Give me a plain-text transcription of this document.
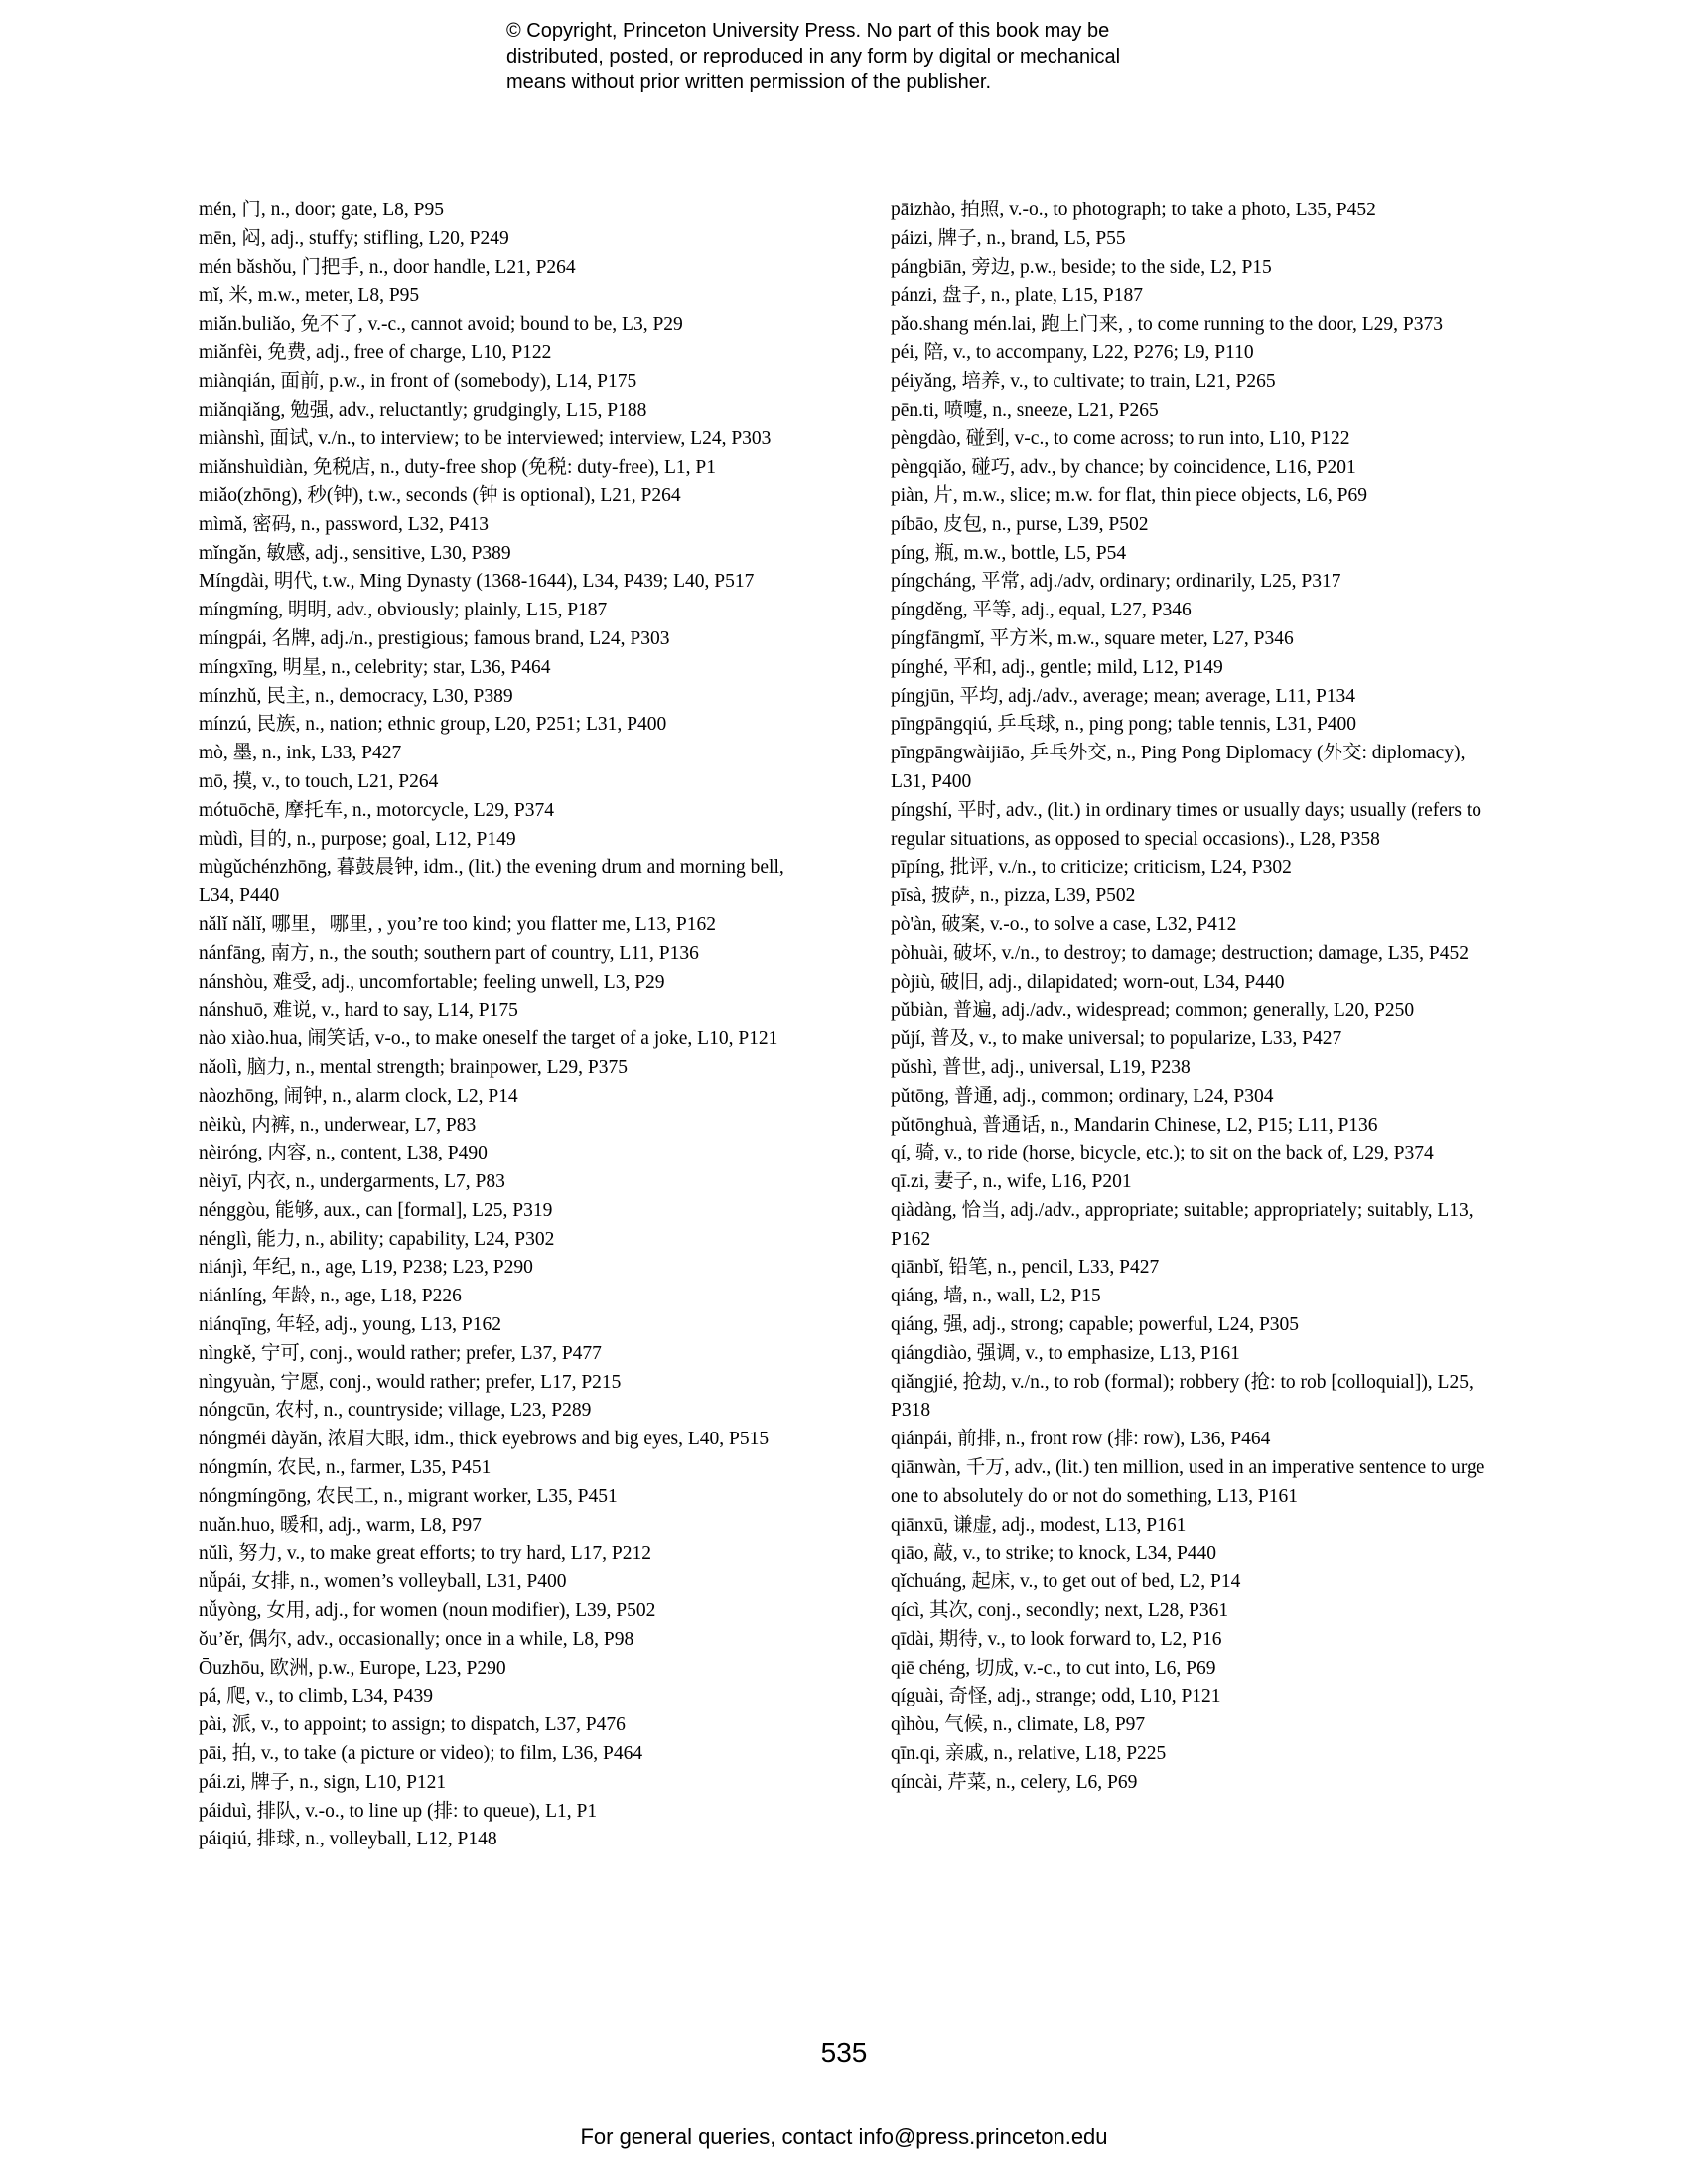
© Copyright, Princeton University Press. No part of this book may be
distributed, posted, or reproduced in any form by digital or mechanical
means without prior written permission of the publisher.

mén, 门, n., door; gate, L8, P95

mēn, 闷, adj., stuffy; stifling, L20, P249

mén bǎshǒu, 门把手, n., door handle, L21, P264

mǐ, 米, m.w., meter, L8, P95

miǎn.buliǎo, 免不了, v.-c., cannot avoid; bound to be, L3, P29

miǎnfèi, 免费, adj., free of charge, L10, P122

miànqián, 面前, p.w., in front of (somebody), L14, P175

miǎnqiǎng, 勉强, adv., reluctantly; grudgingly, L15, P188

miànshì, 面试, v./n., to interview; to be interviewed; interview, L24, P303

miǎnshuìdiàn, 免税店, n., duty-free shop (免税: duty-free), L1, P1

miǎo(zhōng), 秒(钟), t.w., seconds (钟 is optional), L21, P264

mìmǎ, 密码, n., password, L32, P413

mǐngǎn, 敏感, adj., sensitive, L30, P389

Míngdài, 明代, t.w., Ming Dynasty (1368-1644), L34, P439; L40, P517

míngmíng, 明明, adv., obviously; plainly, L15, P187

míngpái, 名牌, adj./n., prestigious; famous brand, L24, P303

míngxīng, 明星, n., celebrity; star, L36, P464

mínzhǔ, 民主, n., democracy, L30, P389

mínzú, 民族, n., nation; ethnic group, L20, P251; L31, P400

mò, 墨, n., ink, L33, P427

mō, 摸, v., to touch, L21, P264

mótuōchē, 摩托车, n., motorcycle, L29, P374

mùdì, 目的, n., purpose; goal, L12, P149

mùgǔchénzhōng, 暮鼓晨钟, idm., (lit.) the evening drum and morning bell, L34, P440

nǎlǐ nǎlǐ, 哪里，哪里, , you’re too kind; you flatter me, L13, P162

nánfāng, 南方, n., the south; southern part of country, L11, P136

nánshòu, 难受, adj., uncomfortable; feeling unwell, L3, P29

nánshuō, 难说, v., hard to say, L14, P175

nào xiào.hua, 闹笑话, v-o., to make oneself the target of a joke, L10, P121

nǎolì, 脑力, n., mental strength; brainpower, L29, P375

nàozhōng, 闹钟, n., alarm clock, L2, P14

nèikù, 内裤, n., underwear, L7, P83

nèiróng, 内容, n., content, L38, P490

nèiyī, 内衣, n., undergarments, L7, P83

nénggòu, 能够, aux., can [formal], L25, P319

nénglì, 能力, n., ability; capability, L24, P302

niánjì, 年纪, n., age, L19, P238; L23, P290

niánlíng, 年龄, n., age, L18, P226

niánqīng, 年轻, adj., young, L13, P162

nìngkě, 宁可, conj., would rather; prefer, L37, P477

nìngyuàn, 宁愿, conj., would rather; prefer, L17, P215

nóngcūn, 农村, n., countryside; village, L23, P289

nóngméi dàyǎn, 浓眉大眼, idm., thick eyebrows and big eyes, L40, P515

nóngmín, 农民, n., farmer, L35, P451

nóngmíngōng, 农民工, n., migrant worker, L35, P451

nuǎn.huo, 暖和, adj., warm, L8, P97

nǔlì, 努力, v., to make great efforts; to try hard, L17, P212

nǚpái, 女排, n., women’s volleyball, L31, P400

nǚyòng, 女用, adj., for women (noun modifier), L39, P502

ǒu’ěr, 偶尔, adv., occasionally; once in a while, L8, P98

Ōuzhōu, 欧洲, p.w., Europe, L23, P290

pá, 爬, v., to climb, L34, P439

pài, 派, v., to appoint; to assign; to dispatch, L37, P476

pāi, 拍, v., to take (a picture or video); to film, L36, P464

pái.zi, 牌子, n., sign, L10, P121

páiduì, 排队, v.-o., to line up (排: to queue), L1, P1

páiqiú, 排球, n., volleyball, L12, P148

pāizhào, 拍照, v.-o., to photograph; to take a photo, L35, P452

páizi, 牌子, n., brand, L5, P55

pángbiān, 旁边, p.w., beside; to the side, L2, P15

pánzi, 盘子, n., plate, L15, P187

pǎo.shang mén.lai, 跑上门来, , to come running to the door, L29, P373

péi, 陪, v., to accompany, L22, P276; L9, P110

péiyǎng, 培养, v., to cultivate; to train, L21, P265

pēn.ti, 喷嚏, n., sneeze, L21, P265

pèngdào, 碰到, v-c., to come across; to run into, L10, P122

pèngqiǎo, 碰巧, adv., by chance; by coincidence, L16, P201

piàn, 片, m.w., slice; m.w. for flat, thin piece objects, L6, P69

píbāo, 皮包, n., purse, L39, P502

píng, 瓶, m.w., bottle, L5, P54

píngcháng, 平常, adj./adv, ordinary; ordinarily, L25, P317

píngděng, 平等, adj., equal, L27, P346

píngfāngmǐ, 平方米, m.w., square meter, L27, P346

pínghé, 平和, adj., gentle; mild, L12, P149

píngjūn, 平均, adj./adv., average; mean; average, L11, P134

pīngpāngqiú, 乒乓球, n., ping pong; table tennis, L31, P400

pīngpāngwàijiāo, 乒乓外交, n., Ping Pong Diplomacy (外交: diplomacy), L31, P400

píngshí, 平时, adv., (lit.) in ordinary times or usually days; usually (refers to regular situations, as opposed to special occasions)., L28, P358

pīpíng, 批评, v./n., to criticize; criticism, L24, P302

pīsà, 披萨, n., pizza, L39, P502

pò'àn, 破案, v.-o., to solve a case, L32, P412

pòhuài, 破坏, v./n., to destroy; to damage; destruction; damage, L35, P452

pòjiù, 破旧, adj., dilapidated; worn-out, L34, P440

pǔbiàn, 普遍, adj./adv., widespread; common; generally, L20, P250

pǔjí, 普及, v., to make universal; to popularize, L33, P427

pǔshì, 普世, adj., universal, L19, P238

pǔtōng, 普通, adj., common; ordinary, L24, P304

pǔtōnghuà, 普通话, n., Mandarin Chinese, L2, P15; L11, P136

qí, 骑, v., to ride (horse, bicycle, etc.); to sit on the back of, L29, P374

qī.zi, 妻子, n., wife, L16, P201

qiàdàng, 恰当, adj./adv., appropriate; suitable; appropriately; suitably, L13, P162

qiānbǐ, 铅笔, n., pencil, L33, P427

qiáng, 墙, n., wall, L2, P15

qiáng, 强, adj., strong; capable; powerful, L24, P305

qiángdiào, 强调, v., to emphasize, L13, P161

qiǎngjié, 抢劫, v./n., to rob (formal); robbery (抢: to rob [colloquial]), L25, P318

qiánpái, 前排, n., front row (排: row), L36, P464

qiānwàn, 千万, adv., (lit.) ten million, used in an imperative sentence to urge one to absolutely do or not do something, L13, P161

qiānxū, 谦虚, adj., modest, L13, P161

qiāo, 敲, v., to strike; to knock, L34, P440

qǐchuáng, 起床, v., to get out of bed, L2, P14

qícì, 其次, conj., secondly; next, L28, P361

qīdài, 期待, v., to look forward to, L2, P16

qiē chéng, 切成, v.-c., to cut into, L6, P69

qíguài, 奇怪, adj., strange; odd, L10, P121

qìhòu, 气候, n., climate, L8, P97

qīn.qi, 亲戚, n., relative, L18, P225

qíncài, 芹菜, n., celery, L6, P69

535
For general queries, contact info@press.princeton.edu
